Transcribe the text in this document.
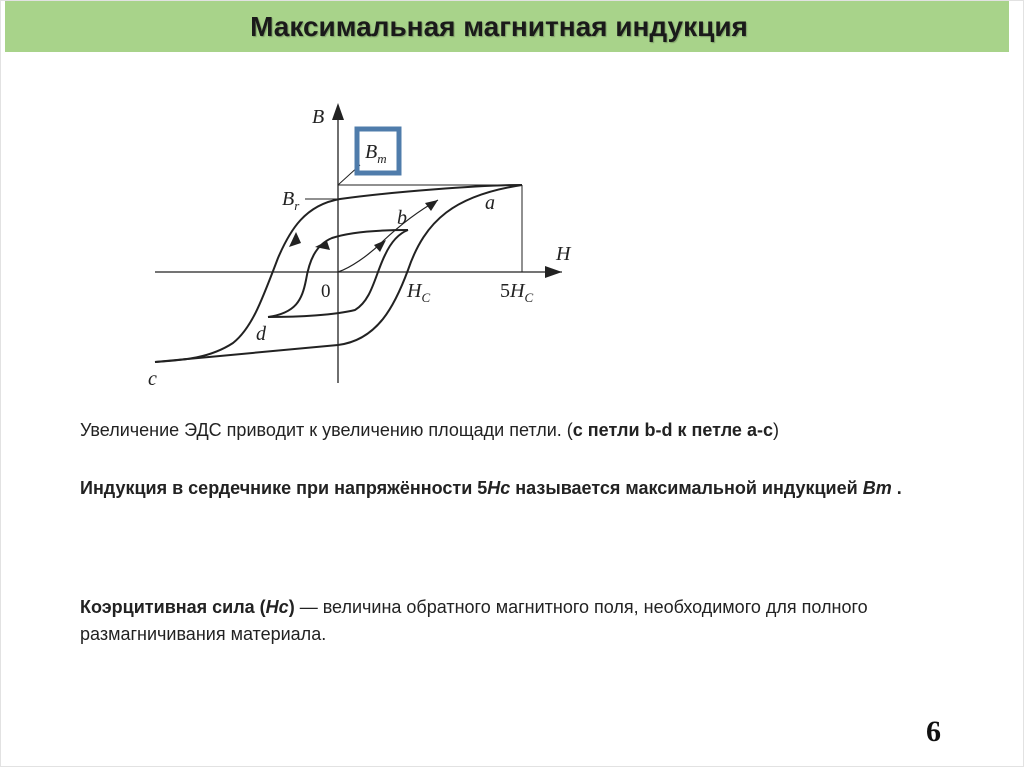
Максимальная магнитная индукция
B
H
0
$B_m$
$B_r$
$H_C$	$5H_C$
a
b
c
d
Увеличение ЭДС приводит к увеличению площади петли. (с петли b-d к петле a-c)
Индукция в сердечнике при напряжённости 5Hc называется максимальной индукцией Bm .
Коэрцитивная сила (Hc) — величина обратного магнитного поля, необходимого для полного размагничивания материала.
6
